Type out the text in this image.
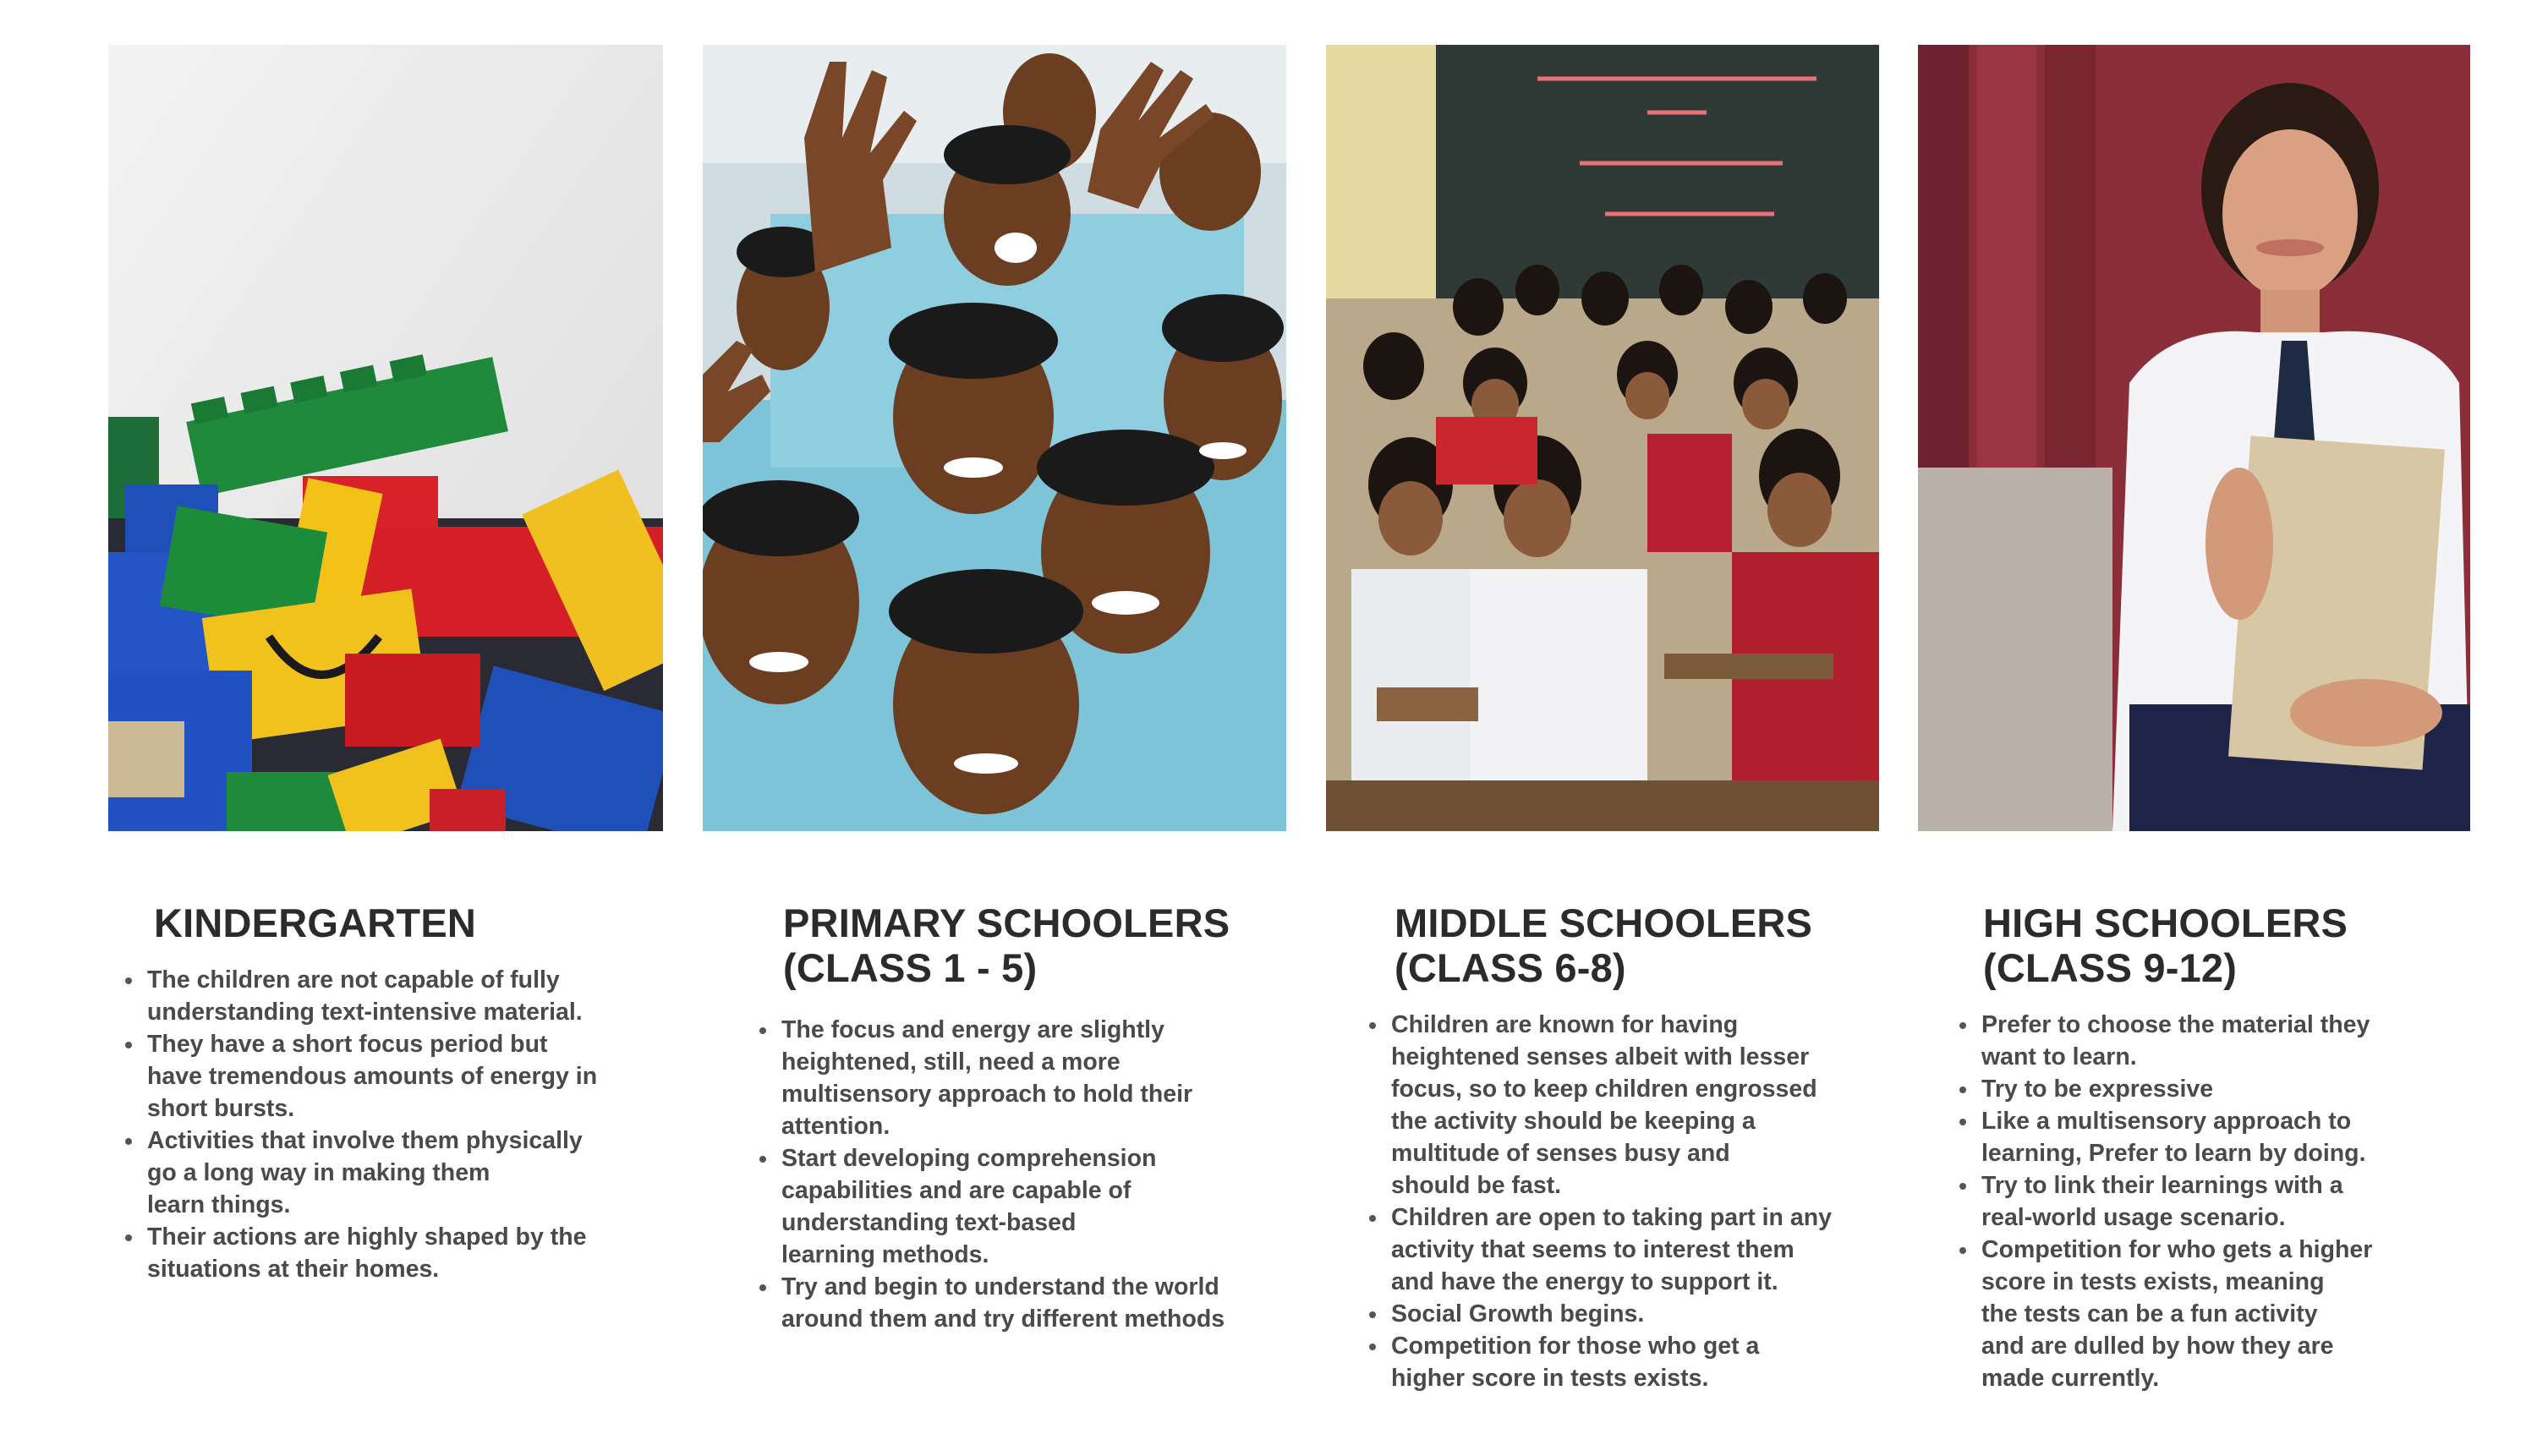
KINDERGARTEN
The children are not capable of fully
understanding text-intensive material.
They have a short focus period but
have tremendous amounts of energy in
short bursts.
Activities that involve them physically
go a long way in making them
learn things.
Their actions are highly shaped by the
situations at their homes.
PRIMARY SCHOOLERS
(CLASS 1 - 5)
The focus and energy are slightly
heightened, still, need a more
multisensory approach to hold their
attention.
Start developing comprehension
capabilities and are capable of
understanding text-based
learning methods.
Try and begin to understand the world
around them and try different methods
MIDDLE SCHOOLERS
(CLASS 6-8)
Children are known for having
heightened senses albeit with lesser
focus, so to keep children engrossed
the activity should be keeping a
multitude of senses busy and
should be fast.
Children are open to taking part in any
activity that seems to interest them
and have the energy to support it.
Social Growth begins.
Competition for those who get a
higher score in tests exists.
HIGH SCHOOLERS
(CLASS 9-12)
Prefer to choose the material they
want to learn.
Try to be expressive
Like a multisensory approach to
learning, Prefer to learn by doing.
Try to link their learnings with a
real-world usage scenario.
Competition for who gets a higher
score in tests exists, meaning
the tests can be a fun activity
and are dulled by how they are
made currently.
